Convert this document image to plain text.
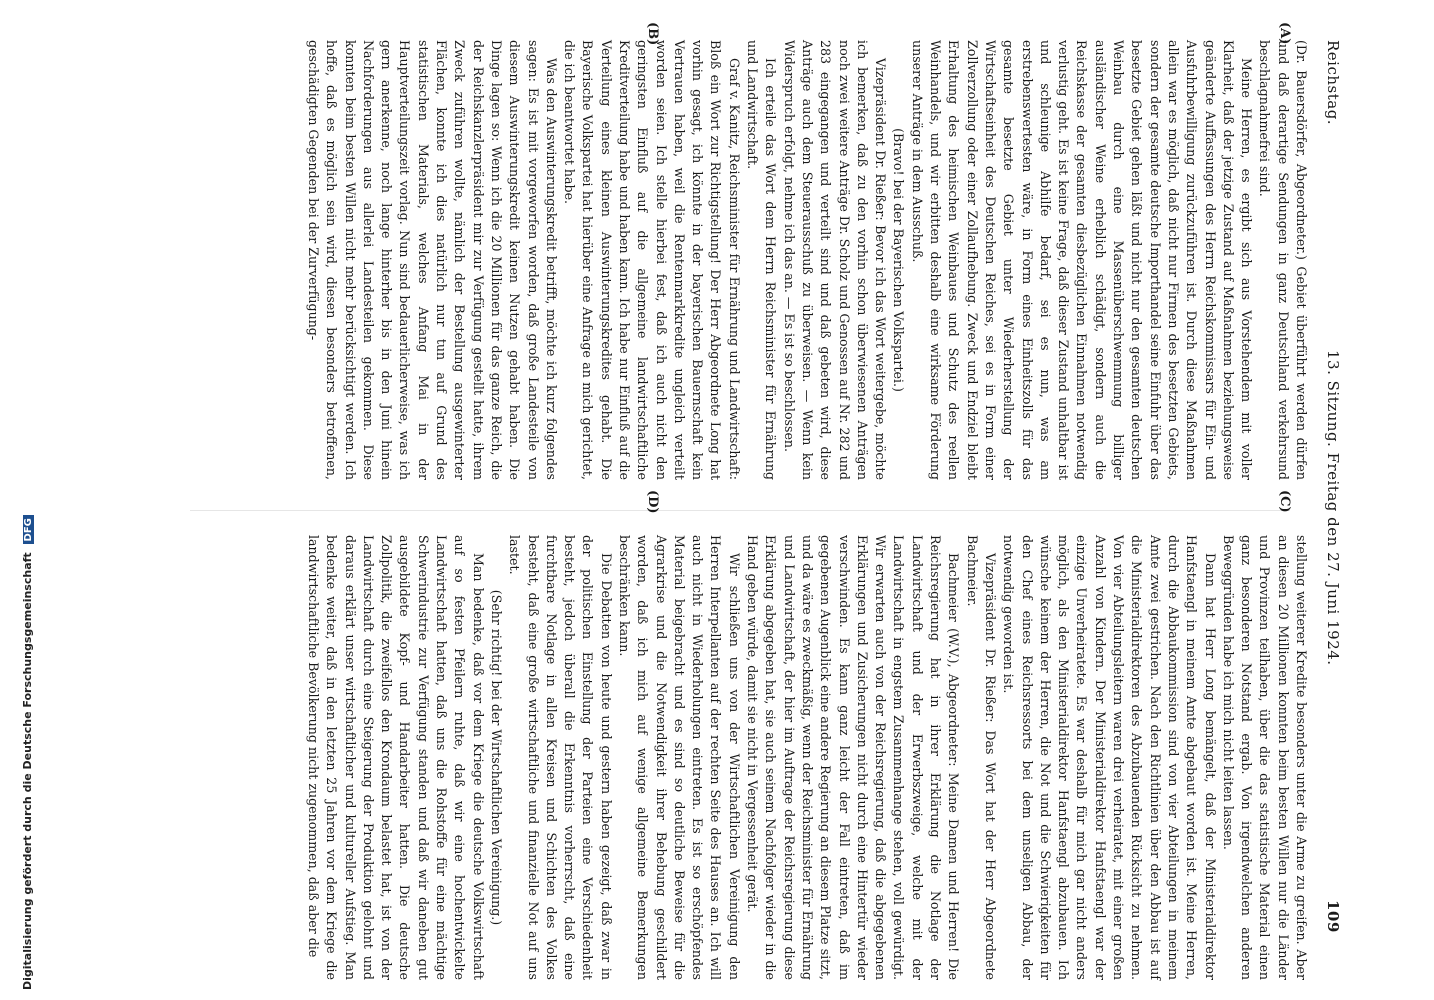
Digitalisierung gefördert durch die Deutsche Forschungsgemeinschaft DFG
Reichstag.
13. Sitzung. Freitag den 27. Juni 1924.
109
(A)
(B)
(C)
(D)

(Dr. Bauersdörfer, Abgeordneter.) Gebiet überführt werden dürfen und daß derartige Sendungen in ganz Deutschland verkehrsund beschlagnahmefrei sind.

Meine Herren, es ergibt sich aus Vorstehendem mit voller Klarheit, daß der jetzige Zustand auf Maßnahmen beziehungsweise geänderte Auffassungen des Herrn Reichskommissars für Ein- und Ausfuhrbewilligung zurückzuführen ist. Durch diese Maßnahmen allein war es möglich, daß nicht nur Firmen des besetzten Gebiets, sondern der gesamte deutsche Importhandel seine Einfuhr über das besetzte Gebiet gehen läßt und nicht nur den gesamten deutschen Weinbau durch eine Massenüberschwemmung billiger ausländischer Weine erheblich schädigt, sondern auch die Reichskasse der gesamten diesbezüglichen Einnahmen notwendig verlustig geht. Es ist keine Frage, daß dieser Zustand unhaltbar ist und schleunige Abhilfe bedarf, sei es nun, was am erstrebenswertesten wäre, in Form eines Einheitszolls für das gesamte besetzte Gebiet unter Wiederherstellung der Wirtschaftseinheit des Deutschen Reiches, sei es in Form einer Zollverzollung oder einer Zollaufhebung. Zweck und Endziel bleibt Erhaltung des heimischen Weinbaues und Schutz des reellen Weinhandels, und wir erbitten deshalb eine wirksame Förderung unserer Anträge in dem Ausschuß.

(Bravo! bei der Bayerischen Volkspartei.)

Vizepräsident Dr. Rießer: Bevor ich das Wort weitergebe, möchte ich bemerken, daß zu den vorhin schon überwiesenen Anträgen noch zwei weitere Anträge Dr. Scholz und Genossen auf Nr. 282 und 283 eingegangen und verteilt sind und daß gebeten wird, diese Anträge auch dem Steuerausschuß zu überweisen. — Wenn kein Widerspruch erfolgt, nehme ich das an. — Es ist so beschlossen.

Ich erteile das Wort dem Herrn Reichsminister für Ernährung und Landwirtschaft.

Graf v. Kanitz, Reichsminister für Ernährung und Landwirtschaft: Bloß ein Wort zur Richtigstellung! Der Herr Abgeordnete Long hat vorhin gesagt, ich könnte in der bayerischen Bauernschaft kein Vertrauen haben, weil die Rentenmarkkredite ungleich verteilt worden seien. Ich stelle hierbei fest, daß ich auch nicht den geringsten Einfluß auf die allgemeine landwirtschaftliche Kreditverteilung habe und haben kann. Ich habe nur Einfluß auf die Verteilung eines kleinen Auswinterungskredites gehabt. Die Bayerische Volkspartei hat hierüber eine Anfrage an mich gerichtet, die ich beantwortet habe.

Was den Auswinterungskredit betrifft, möchte ich kurz folgendes sagen: Es ist mit vorgeworfen worden, daß große Landesteile von diesem Auswinterungskredit keinen Nutzen gehabt haben. Die Dinge lagen so: Wenn ich die 20 Millionen für das ganze Reich, die der Reichskanzlerpräsident mir zur Verfügung gestellt hatte, ihrem Zweck zuführen wollte, nämlich der Bestellung ausgewinterter Flächen, konnte ich dies natürlich nur tun auf Grund des statistischen Materials, welches Anfang Mai in der Hauptverteilungszeit vorlag. Nun sind bedauerlicherweise, was ich gern anerkenne, noch lange hinterher bis in den Juni hinein Nachforderungen aus allerlei Landesteilen gekommen. Diese konnten beim besten Willen nicht mehr berücksichtigt werden. Ich hoffe, daß es möglich sein wird, diesen besonders betroffenen, geschädigten Gegenden bei der Zurverfügung-

stellung weiterer Kredite besonders unter die Arme zu greifen. Aber an diesen 20 Millionen konnten beim besten Willen nur die Länder und Provinzen teilhaben, über die das statistische Material einen ganz besonderen Notstand ergab. Von irgendwelchen anderen Beweggründen habe ich mich nicht leiten lassen.

Dann hat Herr Long bemängelt, daß der Ministerialdirektor Hanfstaengl in meinem Amte abgebaut worden ist. Meine Herren, durch die Abbaukommission sind von vier Abteilungen in meinem Amte zwei gestrichen. Nach den Richtlinien über den Abbau ist auf die Ministerialdirektoren des Abzubauenden Rücksicht zu nehmen. Von vier Abteilungsleitern waren drei verheiratet, mit einer großen Anzahl von Kindern. Der Ministerialdirektor Hanfstaengl war der einzige Unverheiratete. Es war deshalb für mich gar nicht anders möglich, als den Ministerialdirektor Hanfstaengl abzubauen. Ich wünsche keinem der Herren, die Not und die Schwierigkeiten für den Chef eines Reichsressorts bei dem unseligen Abbau, der notwendig geworden ist.

Vizepräsident Dr. Rießer: Das Wort hat der Herr Abgeordnete Bachmeier.

Bachmeier (W.V.), Abgeordneter: Meine Damen und Herren! Die Reichsregierung hat in ihrer Erklärung die Notlage der Landwirtschaft und der Erwerbszweige, welche mit der Landwirtschaft in engstem Zusammenhange stehen, voll gewürdigt. Wir erwarten auch von der Reichsregierung, daß die abgegebenen Erklärungen und Zusicherungen nicht durch eine Hintertür wieder verschwinden. Es kann ganz leicht der Fall eintreten, daß im gegebenen Augenblick eine andere Regierung an diesem Platze sitzt, und da wäre es zweckmäßig, wenn der Reichsminister für Ernährung und Landwirtschaft, der hier im Auftrage der Reichsregierung diese Erklärung abgegeben hat, sie auch seinem Nachfolger wieder in die Hand geben würde, damit sie nicht in Vergessenheit gerät.

Wir schließen uns von der Wirtschaftlichen Vereinigung den Herren Interpellanten auf der rechten Seite des Hauses an. Ich will auch nicht in Wiederholungen eintreten. Es ist so erschöpfendes Material beigebracht und es sind so deutliche Beweise für die Agrarkrise und die Notwendigkeit ihrer Behebung geschildert worden, daß ich mich auf wenige allgemeine Bemerkungen beschränken kann.

Die Debatten von heute und gestern haben gezeigt, daß zwar in der politischen Einstellung der Parteien eine Verschiedenheit besteht, jedoch überall die Erkenntnis vorherrscht, daß eine furchtbare Notlage in allen Kreisen und Schichten des Volkes besteht, daß eine große wirtschaftliche und finanzielle Not auf uns lastet.

(Sehr richtig! bei der Wirtschaftlichen Vereinigung.)

Man bedenke, daß vor dem Kriege die deutsche Volkswirtschaft auf so festen Pfeilern ruhte, daß wir eine hochentwickelte Landwirtschaft hatten, daß uns die Rohstoffe für eine mächtige Schwerindustrie zur Verfügung standen und daß wir daneben gut ausgebildete Kopf- und Handarbeiter hatten. Die deutsche Zollpolitik, die zweifellos den Krondaum belastet hat, ist von der Landwirtschaft durch eine Steigerung der Produktion gelohnt und daraus erklärt unser wirtschaftlicher und kultureller Aufstieg. Man bedenke weiter, daß in den letzten 25 Jahren vor dem Kriege die landwirtschaftliche Bevölkerung nicht zugenommen, daß aber die
